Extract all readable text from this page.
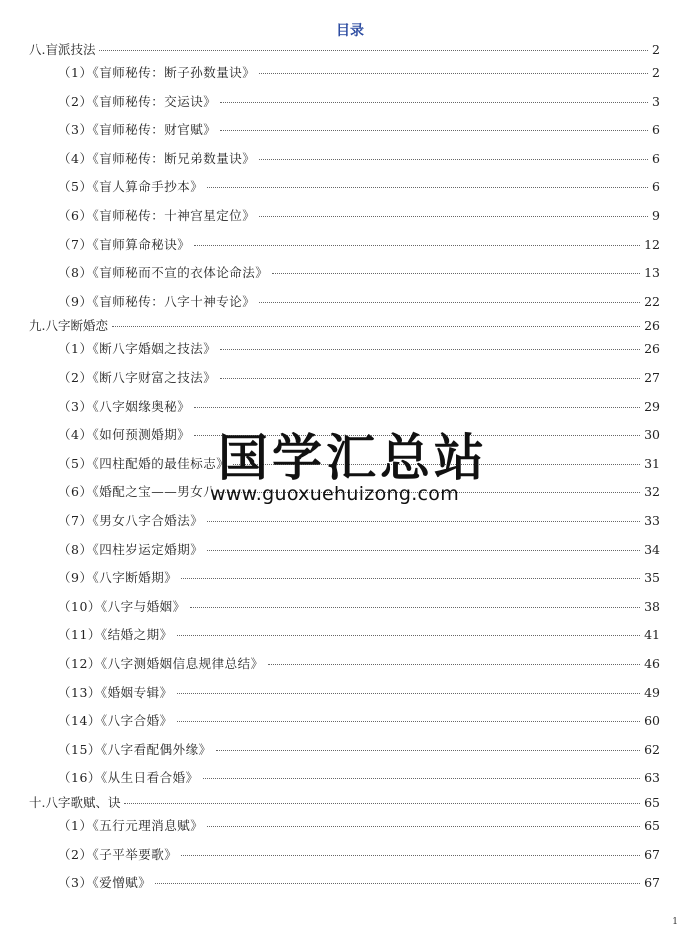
目录
八.盲派技法	2
（1）《盲师秘传：断子孙数量诀》	2
（2）《盲师秘传：交运诀》	3
（3）《盲师秘传：财官赋》	6
（4）《盲师秘传：断兄弟数量诀》	6
（5）《盲人算命手抄本》	6
（6）《盲师秘传：十神宫星定位》	9
（7）《盲师算命秘诀》	12
（8）《盲师秘而不宣的衣体论命法》	13
（9）《盲师秘传：八字十神专论》	22
九.八字断婚恋	26
（1）《断八字婚姻之技法》	26
（2）《断八字财富之技法》	27
（3）《八字姻缘奥秘》	29
（4）《如何预测婚期》	30
（5）《四柱配婚的最佳标志》	31
（6）《婚配之宝——男女八	32
（7）《男女八字合婚法》	33
（8）《四柱岁运定婚期》	34
（9）《八字断婚期》	35
（10）《八字与婚姻》	38
（11）《结婚之期》	41
（12）《八字测婚姻信息规律总结》	46
（13）《婚姻专辑》	49
（14）《八字合婚》	60
（15）《八字看配偶外缘》	62
（16）《从生日看合婚》	63
十.八字歌赋、诀	65
（1）《五行元理消息赋》	65
（2）《子平举要歌》	67
（3）《爱憎赋》	67
国学汇总站
www.guoxuehuizong.com
1
